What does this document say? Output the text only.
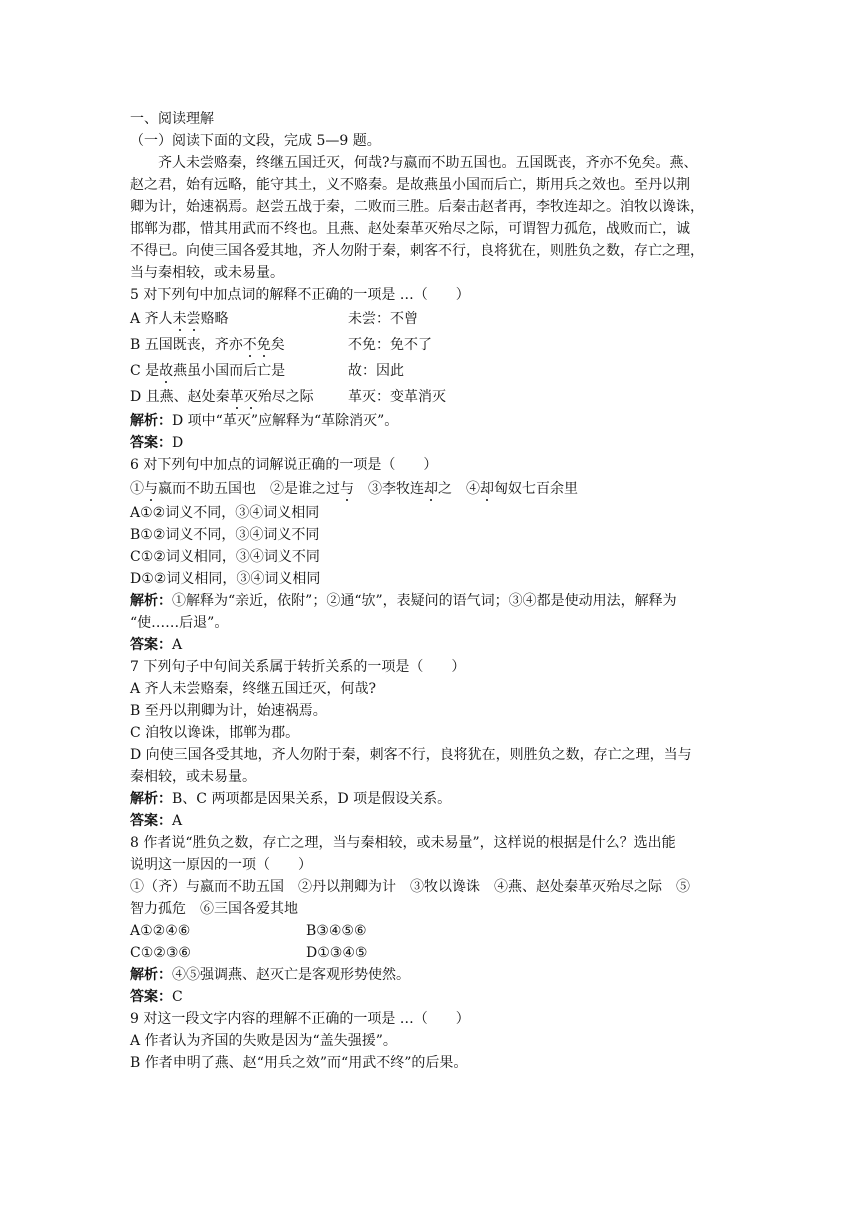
一、阅读理解
（一）阅读下面的文段，完成 5—9 题。
齐人未尝赂秦，终继五国迁灭，何哉?与嬴而不助五国也。五国既丧，齐亦不免矣。燕、
赵之君，始有远略，能守其土，义不赂秦。是故燕虽小国而后亡，斯用兵之效也。至丹以荆
卿为计，始速祸焉。赵尝五战于秦，二败而三胜。后秦击赵者再，李牧连却之。洎牧以谗诛，
邯郸为郡，惜其用武而不终也。且燕、赵处秦革灭殆尽之际，可谓智力孤危，战败而亡，诚
不得已。向使三国各爱其地，齐人勿附于秦，刺客不行，良将犹在，则胜负之数，存亡之理，
当与秦相较，或未易量。
5 对下列句中加点词的解释不正确的一项是 …（　　）
A 齐人未尝赂略	未尝：不曾
B 五国既丧，齐亦不免矣	不免：免不了
C 是故燕虽小国而后亡是	故：因此
D 且燕、赵处秦革灭殆尽之际 革灭：变革消灭
解析：D 项中“革灭”应解释为“革除消灭”。
答案：D
6 对下列句中加点的词解说正确的一项是（　　）
①与嬴而不助五国也　②是谁之过与　 ③李牧连却之　④却匈奴七百余里
A①②词义不同，③④词义相同
B①②词义不同，③④词义不同
C①②词义相同，③④词义不同
D①②词义相同，③④词义相同
解析：①解释为“亲近，依附”；②通“欤”，表疑问的语气词；③④都是使动用法，解释为
“使……后退”。
答案：A
7 下列句子中句间关系属于转折关系的一项是（　　）
A 齐人未尝赂秦，终继五国迁灭，何哉?
B 至丹以荆卿为计，始速祸焉。
C 洎牧以谗诛，邯郸为郡。
D 向使三国各受其地，齐人勿附于秦，刺客不行，良将犹在，则胜负之数，存亡之理，当与
秦相较，或未易量。
解析：B、C 两项都是因果关系，D 项是假设关系。
答案：A
8 作者说“胜负之数，存亡之理，当与秦相较，或未易量”，这样说的根据是什么？选出能
说明这一原因的一项（　　）
①（齐）与嬴而不助五国　②丹以荆卿为计　③牧以谗诛　④燕、赵处秦革灭殆尽之际　⑤
智力孤危　⑥三国各爱其地
A①②④⑥	B③④⑤⑥
C①②③⑥	D①③④⑤
解析：④⑤强调燕、赵灭亡是客观形势使然。
答案：C
9 对这一段文字内容的理解不正确的一项是 …（　　）
A 作者认为齐国的失败是因为“盖失强援”。
B 作者申明了燕、赵“用兵之效”而“用武不终”的后果。
